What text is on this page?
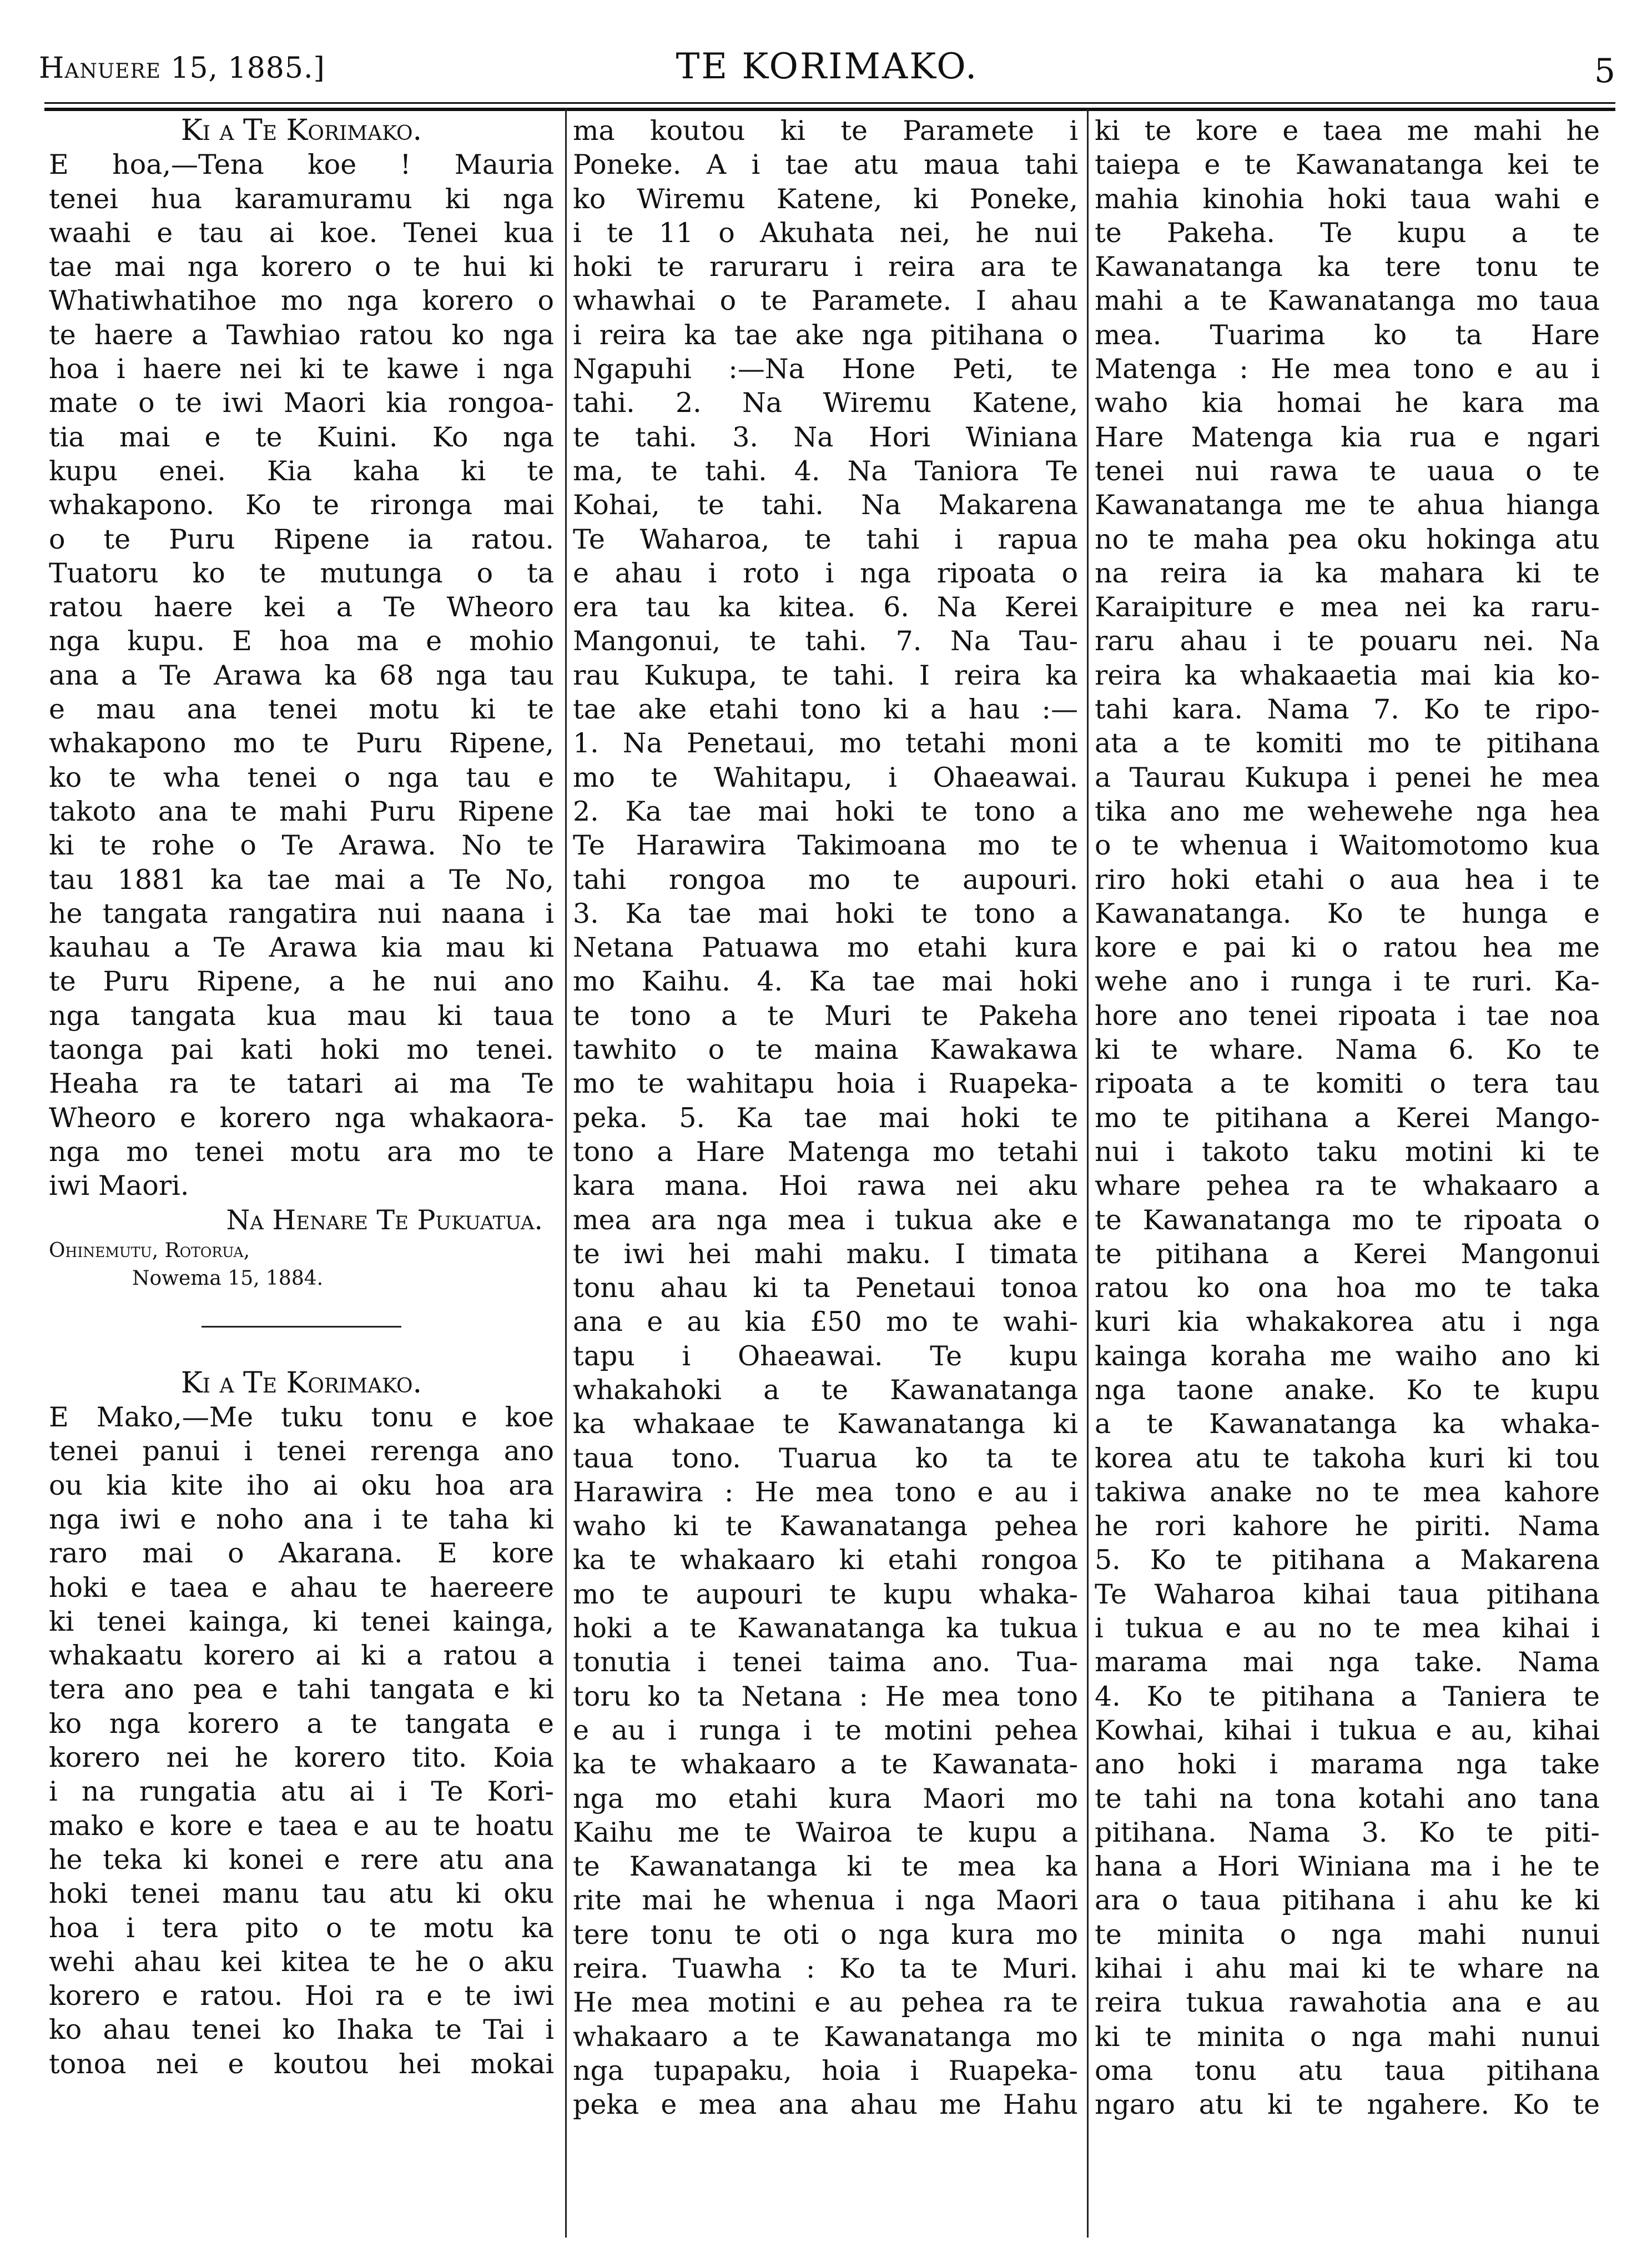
Hanuere 15, 1885.]	TE KORIMAKO.	5

Ki a Te Korimako.

E hoa,—Tena koe ! Mauria

tenei hua karamuramu ki nga

waahi e tau ai koe. Tenei kua

tae mai nga korero o te hui ki

Whatiwhatihoe mo nga korero o

te haere a Tawhiao ratou ko nga

hoa i haere nei ki te kawe i nga

mate o te iwi Maori kia rongoa-

tia mai e te Kuini. Ko nga

kupu enei. Kia kaha ki te

whakapono. Ko te rironga mai

o te Puru Ripene ia ratou.

Tuatoru ko te mutunga o ta

ratou haere kei a Te Wheoro

nga kupu. E hoa ma e mohio

ana a Te Arawa ka 68 nga tau

e mau ana tenei motu ki te

whakapono mo te Puru Ripene,

ko te wha tenei o nga tau e

takoto ana te mahi Puru Ripene

ki te rohe o Te Arawa. No te

tau 1881 ka tae mai a Te No,

he tangata rangatira nui naana i

kauhau a Te Arawa kia mau ki

te Puru Ripene, a he nui ano

nga tangata kua mau ki taua

taonga pai kati hoki mo tenei.

Heaha ra te tatari ai ma Te

Wheoro e korero nga whakaora-

nga mo tenei motu ara mo te

iwi Maori.

Na Henare Te Pukuatua.

Ohinemutu, Rotorua,

Nowema 15, 1884.

Ki a Te Korimako.

E Mako,—Me tuku tonu e koe

tenei panui i tenei rerenga ano

ou kia kite iho ai oku hoa ara

nga iwi e noho ana i te taha ki

raro mai o Akarana. E kore

hoki e taea e ahau te haereere

ki tenei kainga, ki tenei kainga,

whakaatu korero ai ki a ratou a

tera ano pea e tahi tangata e ki

ko nga korero a te tangata e

korero nei he korero tito. Koia

i na rungatia atu ai i Te Kori-

mako e kore e taea e au te hoatu

he teka ki konei e rere atu ana

hoki tenei manu tau atu ki oku

hoa i tera pito o te motu ka

wehi ahau kei kitea te he o aku

korero e ratou. Hoi ra e te iwi

ko ahau tenei ko Ihaka te Tai i

tonoa nei e koutou hei mokai

ma koutou ki te Paramete i

Poneke. A i tae atu maua tahi

ko Wiremu Katene, ki Poneke,

i te 11 o Akuhata nei, he nui

hoki te raruraru i reira ara te

whawhai o te Paramete. I ahau

i reira ka tae ake nga pitihana o

Ngapuhi :—Na Hone Peti, te

tahi. 2. Na Wiremu Katene,

te tahi. 3. Na Hori Winiana

ma, te tahi. 4. Na Taniora Te

Kohai, te tahi. Na Makarena

Te Waharoa, te tahi i rapua

e ahau i roto i nga ripoata o

era tau ka kitea. 6. Na Kerei

Mangonui, te tahi. 7. Na Tau-

rau Kukupa, te tahi. I reira ka

tae ake etahi tono ki a hau :—

1. Na Penetaui, mo tetahi moni

mo te Wahitapu, i Ohaeawai.

2. Ka tae mai hoki te tono a

Te Harawira Takimoana mo te

tahi rongoa mo te aupouri.

3. Ka tae mai hoki te tono a

Netana Patuawa mo etahi kura

mo Kaihu. 4. Ka tae mai hoki

te tono a te Muri te Pakeha

tawhito o te maina Kawakawa

mo te wahitapu hoia i Ruapeka-

peka. 5. Ka tae mai hoki te

tono a Hare Matenga mo tetahi

kara mana. Hoi rawa nei aku

mea ara nga mea i tukua ake e

te iwi hei mahi maku. I timata

tonu ahau ki ta Penetaui tonoa

ana e au kia £50 mo te wahi-

tapu i Ohaeawai. Te kupu

whakahoki a te Kawanatanga

ka whakaae te Kawanatanga ki

taua tono. Tuarua ko ta te

Harawira : He mea tono e au i

waho ki te Kawanatanga pehea

ka te whakaaro ki etahi rongoa

mo te aupouri te kupu whaka-

hoki a te Kawanatanga ka tukua

tonutia i tenei taima ano. Tua-

toru ko ta Netana : He mea tono

e au i runga i te motini pehea

ka te whakaaro a te Kawanata-

nga mo etahi kura Maori mo

Kaihu me te Wairoa te kupu a

te Kawanatanga ki te mea ka

rite mai he whenua i nga Maori

tere tonu te oti o nga kura mo

reira. Tuawha : Ko ta te Muri.

He mea motini e au pehea ra te

whakaaro a te Kawanatanga mo

nga tupapaku, hoia i Ruapeka-

peka e mea ana ahau me Hahu

ki te kore e taea me mahi he

taiepa e te Kawanatanga kei te

mahia kinohia hoki taua wahi e

te Pakeha. Te kupu a te

Kawanatanga ka tere tonu te

mahi a te Kawanatanga mo taua

mea. Tuarima ko ta Hare

Matenga : He mea tono e au i

waho kia homai he kara ma

Hare Matenga kia rua e ngari

tenei nui rawa te uaua o te

Kawanatanga me te ahua hianga

no te maha pea oku hokinga atu

na reira ia ka mahara ki te

Karaipiture e mea nei ka raru-

raru ahau i te pouaru nei. Na

reira ka whakaaetia mai kia ko-

tahi kara. Nama 7. Ko te ripo-

ata a te komiti mo te pitihana

a Taurau Kukupa i penei he mea

tika ano me wehewehe nga hea

o te whenua i Waitomotomo kua

riro hoki etahi o aua hea i te

Kawanatanga. Ko te hunga e

kore e pai ki o ratou hea me

wehe ano i runga i te ruri. Ka-

hore ano tenei ripoata i tae noa

ki te whare. Nama 6. Ko te

ripoata a te komiti o tera tau

mo te pitihana a Kerei Mango-

nui i takoto taku motini ki te

whare pehea ra te whakaaro a

te Kawanatanga mo te ripoata o

te pitihana a Kerei Mangonui

ratou ko ona hoa mo te taka

kuri kia whakakorea atu i nga

kainga koraha me waiho ano ki

nga taone anake. Ko te kupu

a te Kawanatanga ka whaka-

korea atu te takoha kuri ki tou

takiwa anake no te mea kahore

he rori kahore he piriti. Nama

5. Ko te pitihana a Makarena

Te Waharoa kihai taua pitihana

i tukua e au no te mea kihai i

marama mai nga take. Nama

4. Ko te pitihana a Taniera te

Kowhai, kihai i tukua e au, kihai

ano hoki i marama nga take

te tahi na tona kotahi ano tana

pitihana. Nama 3. Ko te piti-

hana a Hori Winiana ma i he te

ara o taua pitihana i ahu ke ki

te minita o nga mahi nunui

kihai i ahu mai ki te whare na

reira tukua rawahotia ana e au

ki te minita o nga mahi nunui

oma tonu atu taua pitihana

ngaro atu ki te ngahere. Ko te
